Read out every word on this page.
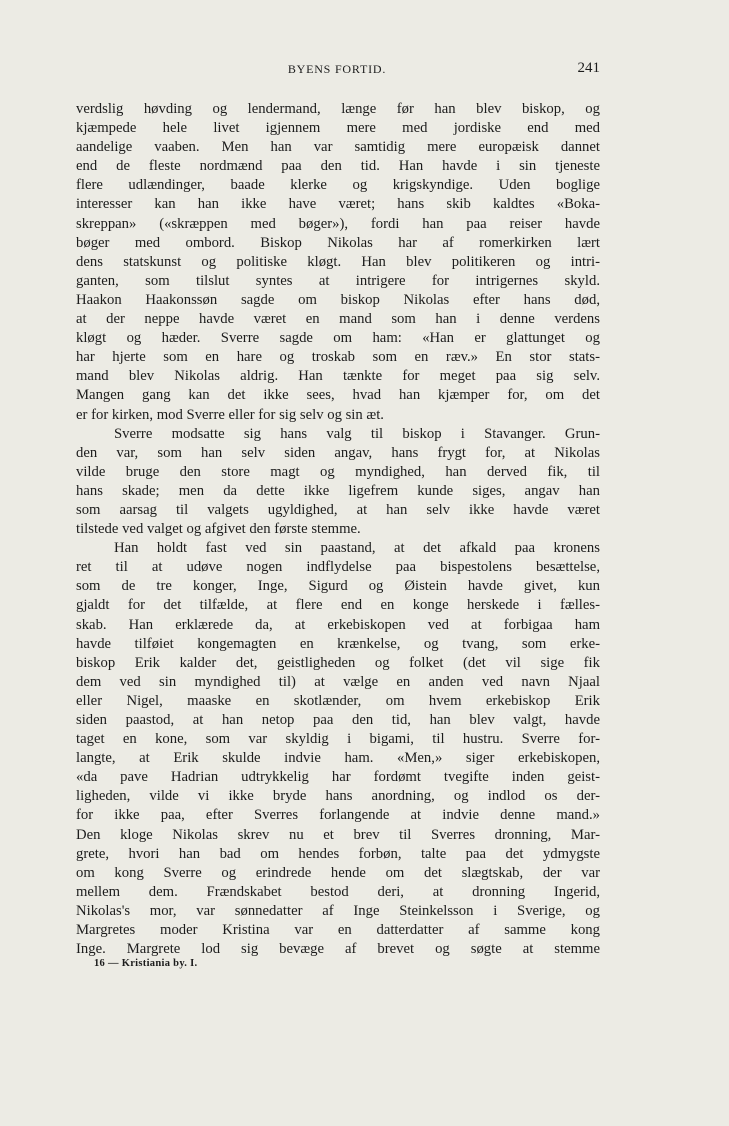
BYENS FORTID.	241
verdslig høvding og lendermand, længe før han blev biskop, og
kjæmpede hele livet igjennem mere med jordiske end med
aandelige vaaben. Men han var samtidig mere europæisk dannet
end de fleste nordmænd paa den tid. Han havde i sin tjeneste
flere udlændinger, baade klerke og krigskyndige. Uden boglige
interesser kan han ikke have været; hans skib kaldtes «Boka-
skreppan» («skræppen med bøger»), fordi han paa reiser havde
bøger med ombord. Biskop Nikolas har af romerkirken lært
dens statskunst og politiske kløgt. Han blev politikeren og intri-
ganten, som tilslut syntes at intrigere for intrigernes skyld.
Haakon Haakonssøn sagde om biskop Nikolas efter hans død,
at der neppe havde været en mand som han i denne verdens
kløgt og hæder. Sverre sagde om ham: «Han er glattunget og
har hjerte som en hare og troskab som en ræv.» En stor stats-
mand blev Nikolas aldrig. Han tænkte for meget paa sig selv.
Mangen gang kan det ikke sees, hvad han kjæmper for, om det
er for kirken, mod Sverre eller for sig selv og sin æt.
Sverre modsatte sig hans valg til biskop i Stavanger. Grun-
den var, som han selv siden angav, hans frygt for, at Nikolas
vilde bruge den store magt og myndighed, han derved fik, til
hans skade; men da dette ikke ligefrem kunde siges, angav han
som aarsag til valgets ugyldighed, at han selv ikke havde været
tilstede ved valget og afgivet den første stemme.
Han holdt fast ved sin paastand, at det afkald paa kronens
ret til at udøve nogen indflydelse paa bispestolens besættelse,
som de tre konger, Inge, Sigurd og Øistein havde givet, kun
gjaldt for det tilfælde, at flere end en konge herskede i fælles-
skab. Han erklærede da, at erkebiskopen ved at forbigaa ham
havde tilføiet kongemagten en krænkelse, og tvang, som erke-
biskop Erik kalder det, geistligheden og folket (det vil sige fik
dem ved sin myndighed til) at vælge en anden ved navn Njaal
eller Nigel, maaske en skotlænder, om hvem erkebiskop Erik
siden paastod, at han netop paa den tid, han blev valgt, havde
taget en kone, som var skyldig i bigami, til hustru. Sverre for-
langte, at Erik skulde indvie ham. «Men,» siger erkebiskopen,
«da pave Hadrian udtrykkelig har fordømt tvegifte inden geist-
ligheden, vilde vi ikke bryde hans anordning, og indlod os der-
for ikke paa, efter Sverres forlangende at indvie denne mand.»
Den kloge Nikolas skrev nu et brev til Sverres dronning, Mar-
grete, hvori han bad om hendes forbøn, talte paa det ydmygste
om kong Sverre og erindrede hende om det slægtskab, der var
mellem dem. Frændskabet bestod deri, at dronning Ingerid,
Nikolas's mor, var sønnedatter af Inge Steinkelsson i Sverige, og
Margretes moder Kristina var en datterdatter af samme kong
Inge. Margrete lod sig bevæge af brevet og søgte at stemme
16 — Kristiania by. I.
